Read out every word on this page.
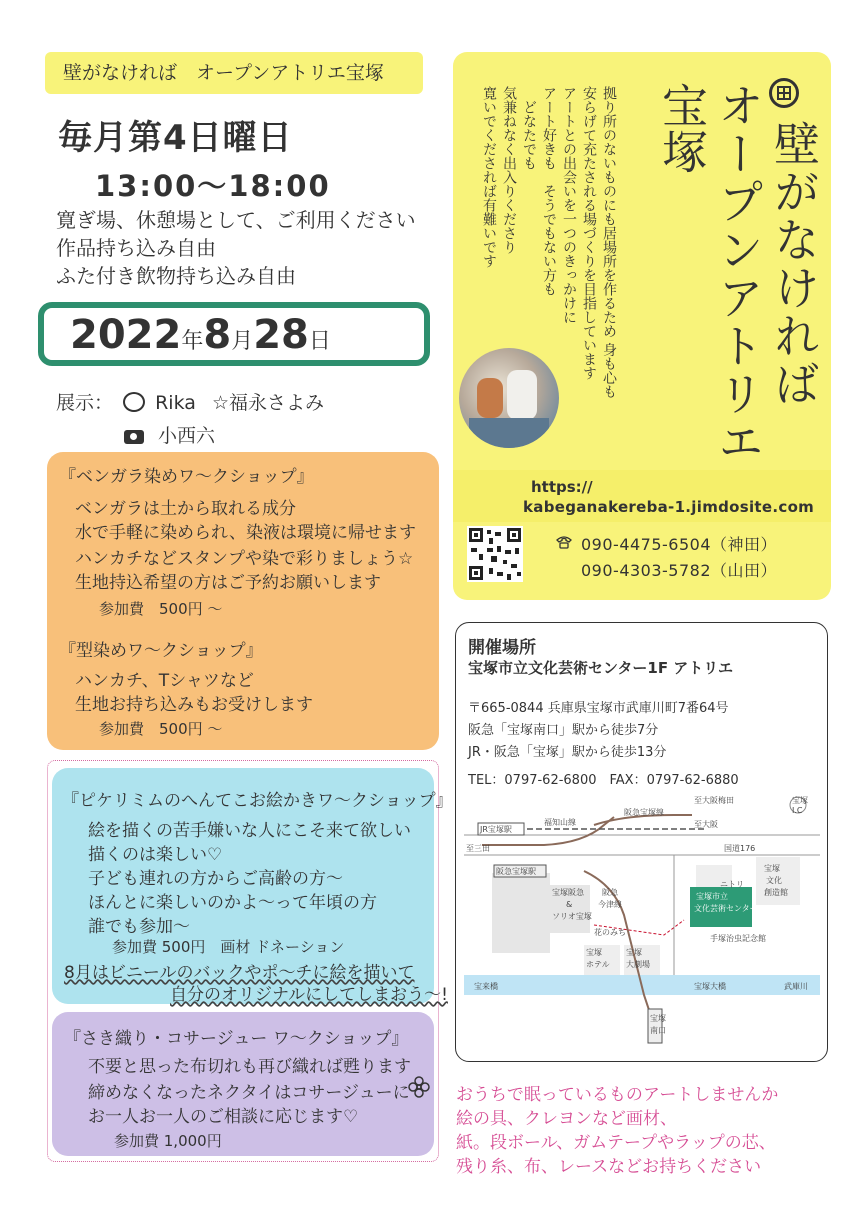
壁がなければ　オープンアトリエ宝塚
毎月第4日曜日
13:00〜18:00
寛ぎ場、休憩場として、ご利用ください
作品持ち込み自由
ふた付き飲物持ち込み自由
2022年8月28日
展示： Rika ☆福永さよみ
小西六
『ベンガラ染めワ〜クショップ』
ベンガラは土から取れる成分
水で手軽に染められ、染液は環境に帰せます
ハンカチなどスタンプや染で彩りましょう☆
生地持込希望の方はご予約お願いします
参加費　500円 〜
『型染めワ〜クショップ』
ハンカチ、Tシャツなど
生地お持ち込みもお受けします
参加費　500円 〜
『ピケリミムのへんてこお絵かきワ〜クショップ』
絵を描くの苦手嫌いな人にこそ来て欲しい
描くのは楽しい♡
子ども連れの方からご高齢の方〜
ほんとに楽しいのかよ〜って年頃の方
誰でも参加〜
参加費 500円　画材 ドネーション
8月はビニールのバックやポ〜チに絵を描いて
自分のオリジナルにしてしまおう〜!
『さき織り・コサージュー ワ〜クショップ』
不要と思った布切れも再び織れば甦ります
締めなくなったネクタイはコサージューに
お一人お一人のご相談に応じます♡
参加費 1,000円
壁がなければ
オープンアトリエ
宝塚
拠り所のないものにも居場所を作るため 身も心も
安らげて充たされる場づくりを目指しています
アートとの出会いを一つのきっかけに
アート好きも　そうでもない方も
どなたでも
気兼ねなく出入りくださり
寛いでくだされば有難いです
https://
kabeganakereba-1.jimdosite.com
090-4475-6504（神田）
090-4303-5782（山田）
開催場所
宝塚市立文化芸術センター1F アトリエ
〒665-0844 兵庫県宝塚市武庫川町7番64号
阪急「宝塚南口」駅から徒歩7分
JR・阪急「宝塚」駅から徒歩13分
TEL：0797-62-6800　FAX：0797-62-6880
至大阪梅田
阪急宝塚線
福知山線
JR宝塚駅
至大阪
至三田	国道176
阪急宝塚駅
宝塚阪急
&
ソリオ宝塚
阪急
今津線
ニトリ
宝塚
文化
創造館
宝塚市立
文化芸術センター
花のみち
手塚治虫記念館
宝塚
ホテル
宝塚
大劇場
宝来橋	宝塚大橋	武庫川
宝塚
南口
宝塚
I.C
おうちで眠っているものアートしませんか
絵の具、クレヨンなど画材、
紙。段ボール、ガムテープやラップの芯、
残り糸、布、レースなどお持ちください
